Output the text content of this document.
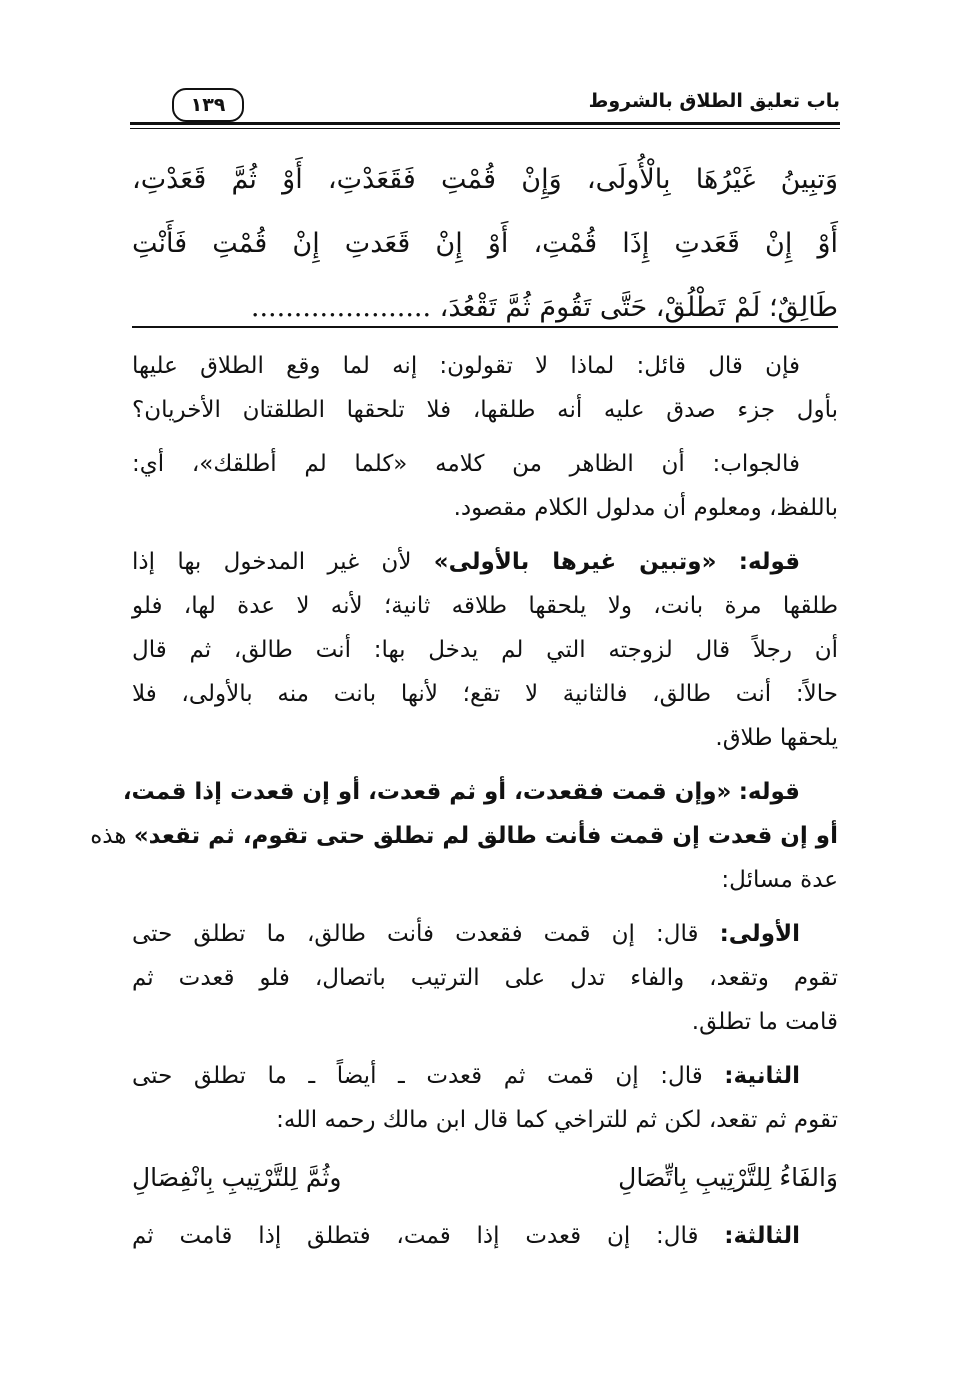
باب تعليق الطلاق بالشروط
١٣٩
وَتبِينُ غَيْرُهَا بِالْأُولَى، وَإِنْ قُمْتِ فَقَعَدْتِ، أَوْ ثُمَّ قَعَدْتِ،
أَوْ إِنْ قَعَدتِ إِذَا قُمْتِ، أَوْ إِنْ قَعَدتِ إِنْ قُمْتِ فَأَنْتِ
طَالِقٌ؛ لَمْ تَطْلُقْ، حَتَّى تَقُومَ ثُمَّ تَقْعُدَ، .....................
فإن قال قائل: لماذا لا تقولون: إنه لما وقع الطلاق عليها
بأول جزء صدق عليه أنه طلقها، فلا تلحقها الطلقتان الأخريان؟
فالجواب: أن الظاهر من كلامه «كلما لم أطلقك»، أي:
باللفظ، ومعلوم أن مدلول الكلام مقصود.
قوله: «وتبين غيرها بالأولى» لأن غير المدخول بها إذا
طلقها مرة بانت، ولا يلحقها طلاقه ثانية؛ لأنه لا عدة لها، فلو
أن رجلاً قال لزوجته التي لم يدخل بها: أنت طالق، ثم قال
حالاً: أنت طالق، فالثانية لا تقع؛ لأنها بانت منه بالأولى، فلا
يلحقها طلاق.
قوله: «وإن قمت فقعدت، أو ثم قعدت، أو إن قعدت إذا قمت،
أو إن قعدت إن قمت فأنت طالق لم تطلق حتى تقوم، ثم تقعد» هذه
عدة مسائل:
الأولى: قال: إن قمت فقعدت فأنت طالق، ما تطلق حتى
تقوم وتقعد، والفاء تدل على الترتيب باتصال، فلو قعدت ثم
قامت ما تطلق.
الثانية: قال: إن قمت ثم قعدت ـ أيضاً ـ ما تطلق حتى
تقوم ثم تقعد، لكن ثم للتراخي كما قال ابن مالك رحمه الله:
وَالفَاءُ لِلتَّرْتِيبِ بِاتِّصَالِ
وثُمَّ لِلتَّرْتِيبِ بِانْفِصَالِ
الثالثة: قال: إن قعدت إذا قمت، فتطلق إذا قامت ثم
